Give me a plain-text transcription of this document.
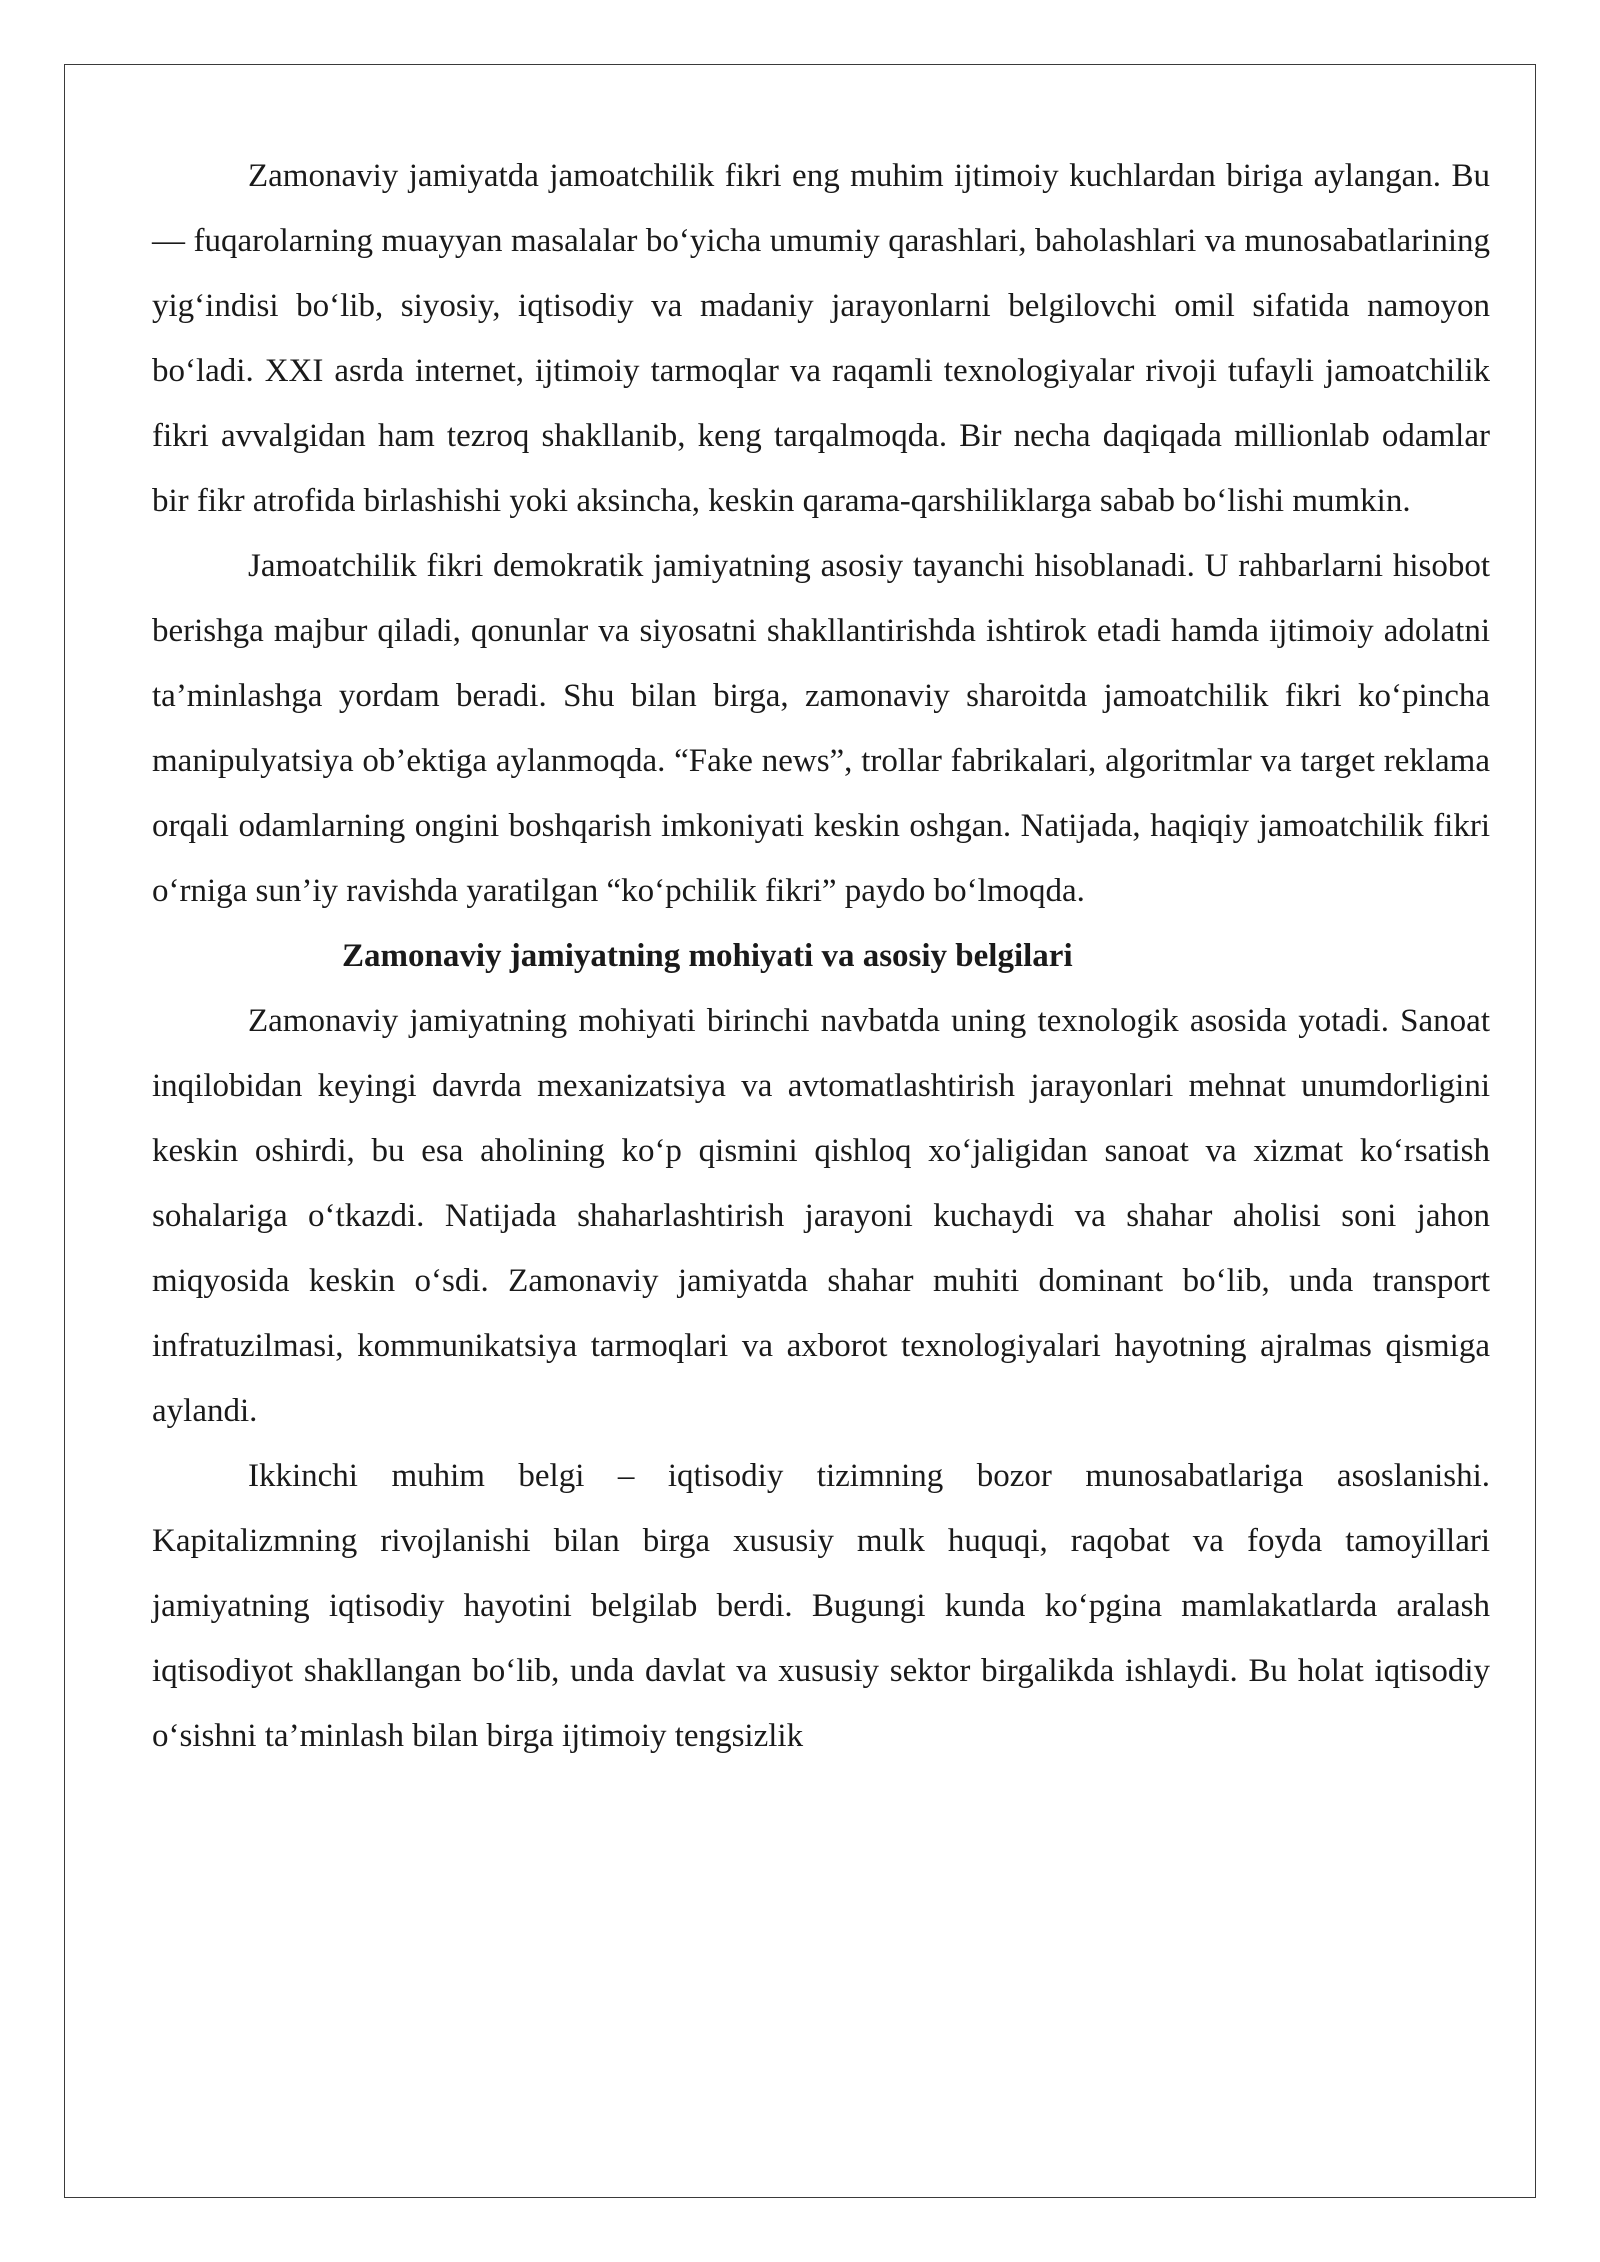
Zamonaviy jamiyatda jamoatchilik fikri eng muhim ijtimoiy kuchlardan biriga aylangan. Bu — fuqarolarning muayyan masalalar bo‘yicha umumiy qarashlari, baholashlari va munosabatlarining yig‘indisi bo‘lib, siyosiy, iqtisodiy va madaniy jarayonlarni belgilovchi omil sifatida namoyon bo‘ladi. XXI asrda internet, ijtimoiy tarmoqlar va raqamli texnologiyalar rivoji tufayli jamoatchilik fikri avvalgidan ham tezroq shakllanib, keng tarqalmoqda. Bir necha daqiqada millionlab odamlar bir fikr atrofida birlashishi yoki aksincha, keskin qarama-qarshiliklarga sabab bo‘lishi mumkin.

Jamoatchilik fikri demokratik jamiyatning asosiy tayanchi hisoblanadi. U rahbarlarni hisobot berishga majbur qiladi, qonunlar va siyosatni shakllantirishda ishtirok etadi hamda ijtimoiy adolatni ta’minlashga yordam beradi. Shu bilan birga, zamonaviy sharoitda jamoatchilik fikri ko‘pincha manipulyatsiya ob’ektiga aylanmoqda. “Fake news”, trollar fabrikalari, algoritmlar va target reklama orqali odamlarning ongini boshqarish imkoniyati keskin oshgan. Natijada, haqiqiy jamoatchilik fikri o‘rniga sun’iy ravishda yaratilgan “ko‘pchilik fikri” paydo bo‘lmoqda.

Zamonaviy jamiyatning mohiyati va asosiy belgilari

Zamonaviy jamiyatning mohiyati birinchi navbatda uning texnologik asosida yotadi. Sanoat inqilobidan keyingi davrda mexanizatsiya va avtomatlashtirish jarayonlari mehnat unumdorligini keskin oshirdi, bu esa aholining ko‘p qismini qishloq xo‘jaligidan sanoat va xizmat ko‘rsatish sohalariga o‘tkazdi. Natijada shaharlashtirish jarayoni kuchaydi va shahar aholisi soni jahon miqyosida keskin o‘sdi. Zamonaviy jamiyatda shahar muhiti dominant bo‘lib, unda transport infratuzilmasi, kommunikatsiya tarmoqlari va axborot texnologiyalari hayotning ajralmas qismiga aylandi.

Ikkinchi muhim belgi – iqtisodiy tizimning bozor munosabatlariga asoslanishi. Kapitalizmning rivojlanishi bilan birga xususiy mulk huquqi, raqobat va foyda tamoyillari jamiyatning iqtisodiy hayotini belgilab berdi. Bugungi kunda ko‘pgina mamlakatlarda aralash iqtisodiyot shakllangan bo‘lib, unda davlat va xususiy sektor birgalikda ishlaydi. Bu holat iqtisodiy o‘sishni ta’minlash bilan birga ijtimoiy tengsizlik
